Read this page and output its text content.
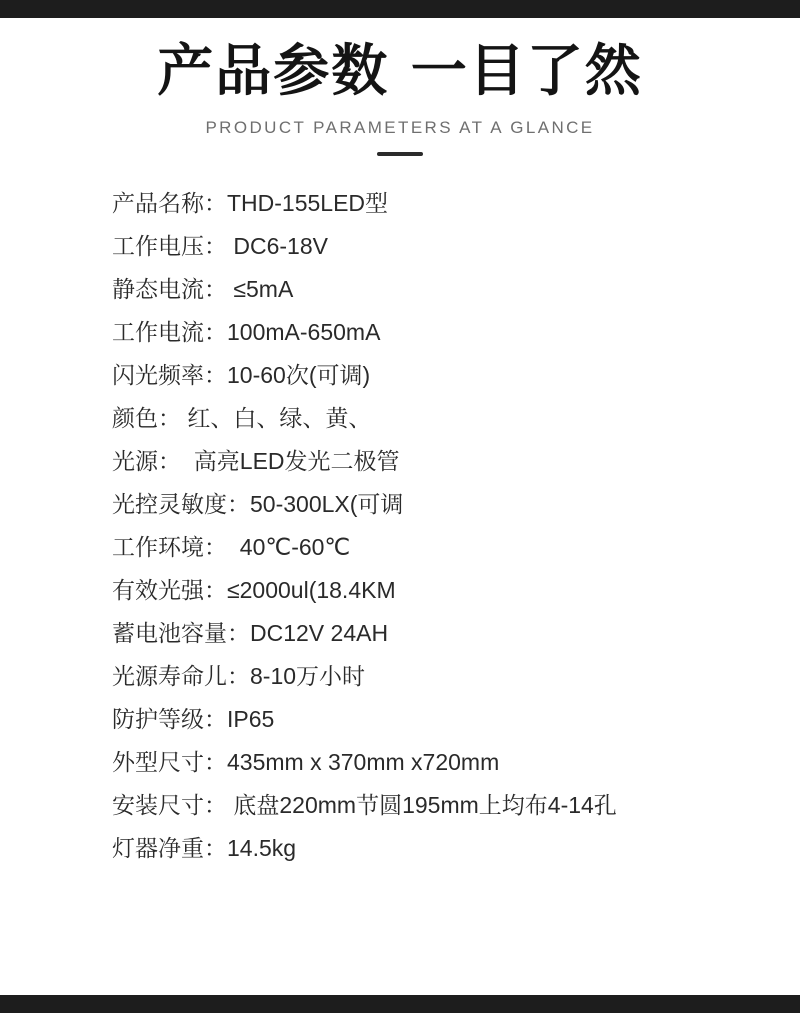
产品参数 一目了然
PRODUCT PARAMETERS AT A GLANCE
产品名称： THD-155LED型
工作电压： DC6-18V
静态电流： ≤5mA
工作电流： 100mA-650mA
闪光频率： 10-60次(可调)
颜色： 红、白、绿、黄、
光源： 高亮LED发光二极管
光控灵敏度： 50-300LX(可调
工作环境： 40℃-60℃
有效光强： ≤2000ul(18.4KM
蓄电池容量： DC12V 24AH
光源寿命儿： 8-10万小时
防护等级： IP65
外型尺寸： 435mm x 370mm x720mm
安装尺寸： 底盘220mm节圆195mm上均布4-14孔
灯器净重： 14.5kg
